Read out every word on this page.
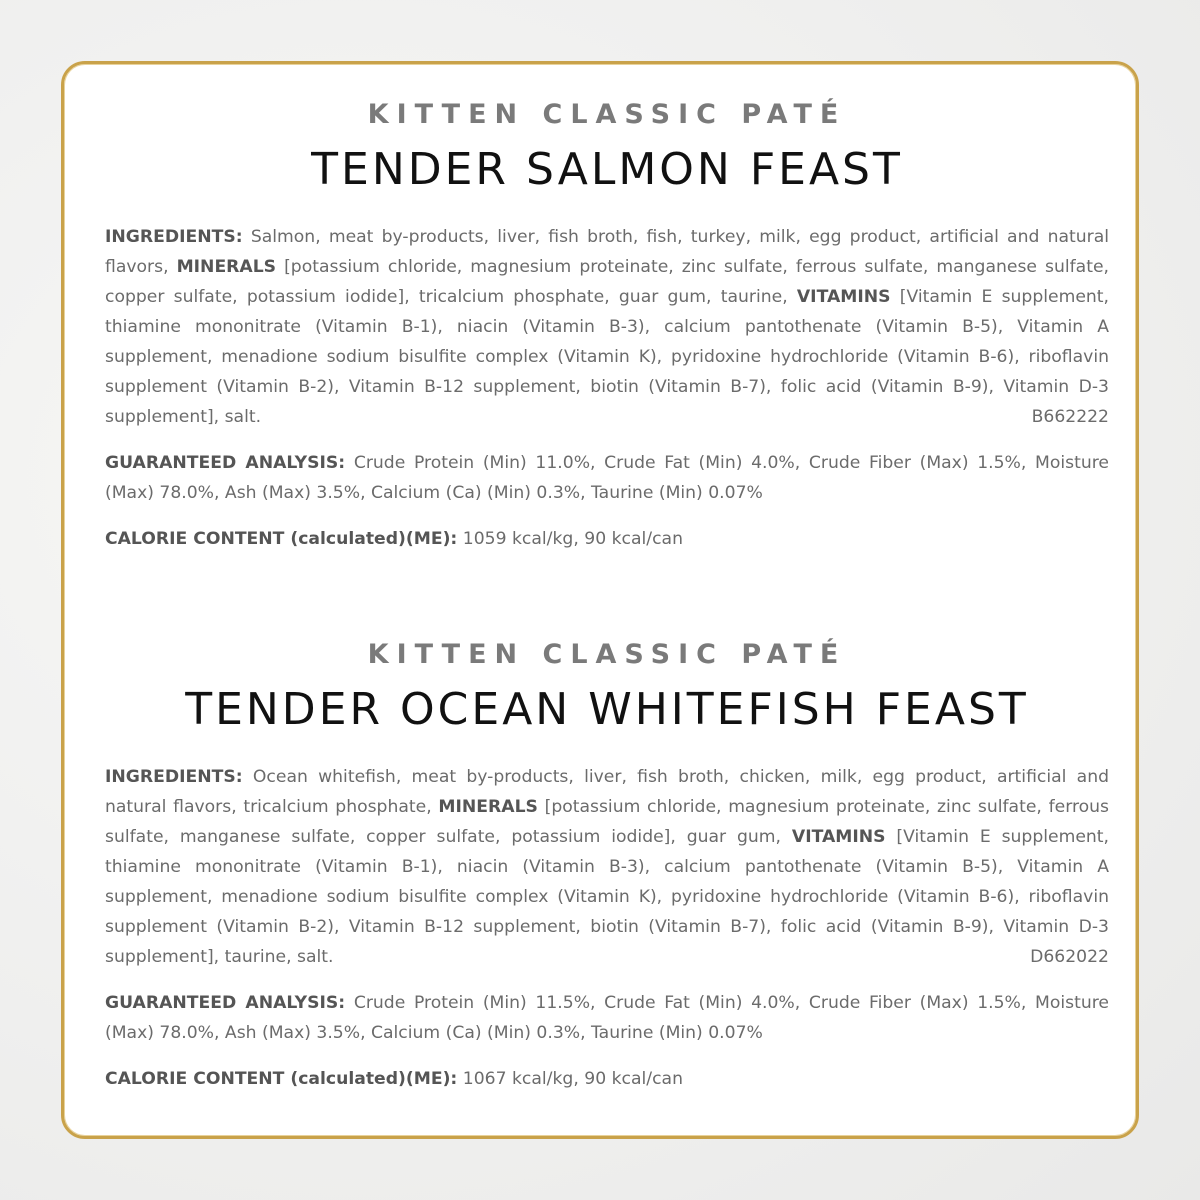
KITTEN CLASSIC PATÉ
TENDER SALMON FEAST
INGREDIENTS: Salmon, meat by-products, liver, fish broth, fish, turkey, milk, egg product, artificial and natural flavors, MINERALS [potassium chloride, magnesium proteinate, zinc sulfate, ferrous sulfate, manganese sulfate, copper sulfate, potassium iodide], tricalcium phosphate, guar gum, taurine, VITAMINS [Vitamin E supplement, thiamine mononitrate (Vitamin B-1), niacin (Vitamin B-3), calcium pantothenate (Vitamin B-5), Vitamin A supplement, menadione sodium bisulfite complex (Vitamin K), pyridoxine hydrochloride (Vitamin B-6), riboflavin supplement (Vitamin B-2), Vitamin B-12 supplement, biotin (Vitamin B-7), folic acid (Vitamin B-9), Vitamin D-3 supplement], salt.	B662222
GUARANTEED ANALYSIS: Crude Protein (Min) 11.0%, Crude Fat (Min) 4.0%, Crude Fiber (Max) 1.5%, Moisture (Max) 78.0%, Ash (Max) 3.5%, Calcium (Ca) (Min) 0.3%, Taurine (Min) 0.07%
CALORIE CONTENT (calculated)(ME): 1059 kcal/kg, 90 kcal/can
KITTEN CLASSIC PATÉ
TENDER OCEAN WHITEFISH FEAST
INGREDIENTS: Ocean whitefish, meat by-products, liver, fish broth, chicken, milk, egg product, artificial and natural flavors, tricalcium phosphate, MINERALS [potassium chloride, magnesium proteinate, zinc sulfate, ferrous sulfate, manganese sulfate, copper sulfate, potassium iodide], guar gum, VITAMINS [Vitamin E supplement, thiamine mononitrate (Vitamin B-1), niacin (Vitamin B-3), calcium pantothenate (Vitamin B-5), Vitamin A supplement, menadione sodium bisulfite complex (Vitamin K), pyridoxine hydrochloride (Vitamin B-6), riboflavin supplement (Vitamin B-2), Vitamin B-12 supplement, biotin (Vitamin B-7), folic acid (Vitamin B-9), Vitamin D-3 supplement], taurine, salt.	D662022
GUARANTEED ANALYSIS: Crude Protein (Min) 11.5%, Crude Fat (Min) 4.0%, Crude Fiber (Max) 1.5%, Moisture (Max) 78.0%, Ash (Max) 3.5%, Calcium (Ca) (Min) 0.3%, Taurine (Min) 0.07%
CALORIE CONTENT (calculated)(ME): 1067 kcal/kg, 90 kcal/can
